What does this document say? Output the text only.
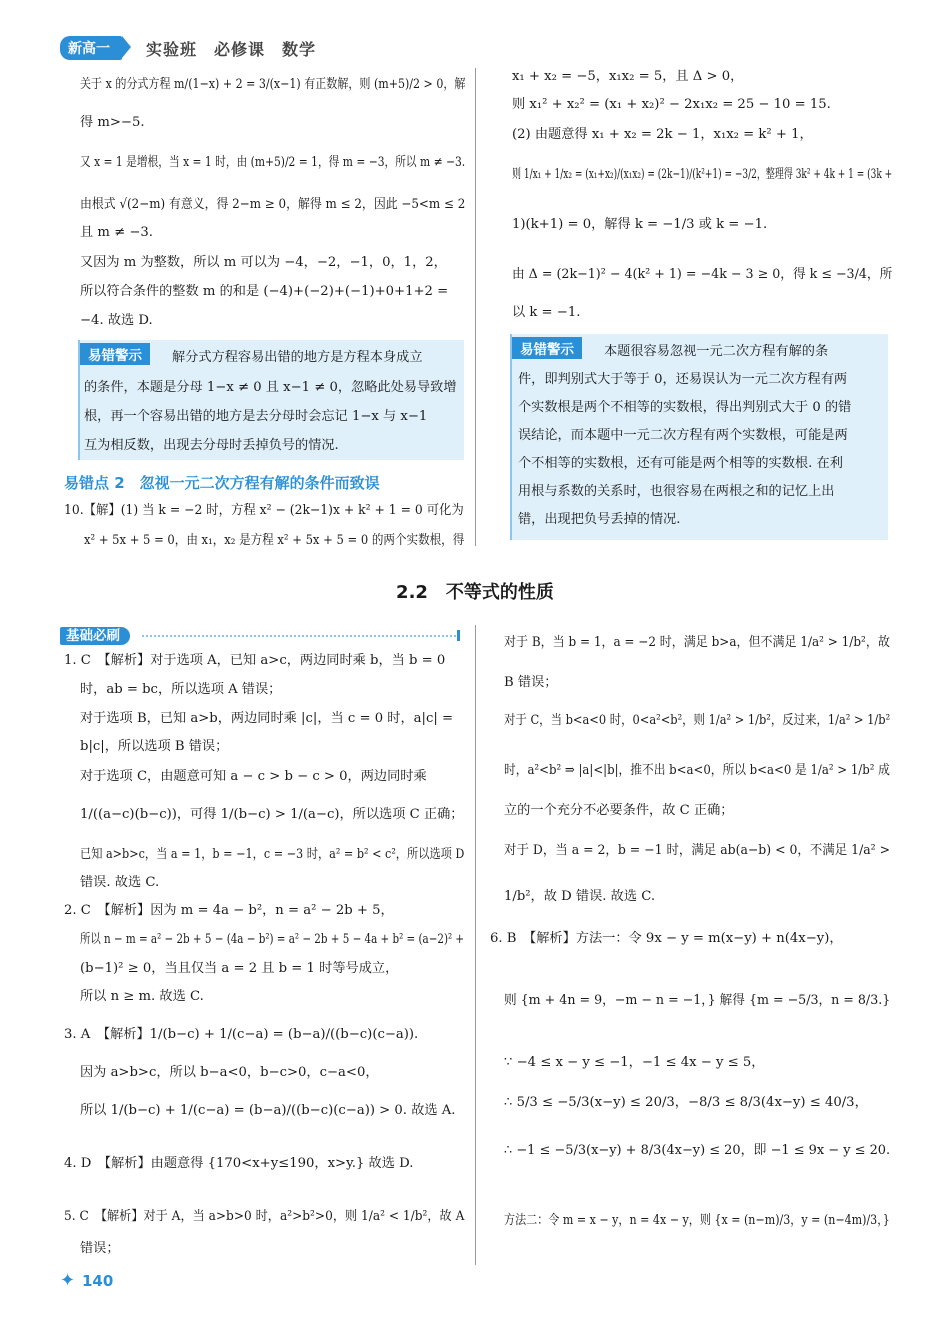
新高一	实验班　必修课　数学
关于 x 的分式方程 m/(1−x) + 2 = 3/(x−1) 有正数解，则 (m+5)/2 > 0，解
得 m>−5.
又 x = 1 是增根，当 x = 1 时，由 (m+5)/2 = 1，得 m = −3，所以 m ≠ −3.
由根式 √(2−m) 有意义，得 2−m ≥ 0，解得 m ≤ 2，因此 −5<m ≤ 2
且 m ≠ −3.
又因为 m 为整数，所以 m 可以为 −4，−2，−1，0，1，2，
所以符合条件的整数 m 的和是 (−4)+(−2)+(−1)+0+1+2 =
−4. 故选 D.
易错警示	解分式方程容易出错的地方是方程本身成立
的条件，本题是分母 1−x ≠ 0 且 x−1 ≠ 0，忽略此处易导致增
根，再一个容易出错的地方是去分母时会忘记 1−x 与 x−1
互为相反数，出现去分母时丢掉负号的情况.
易错点 2　忽视一元二次方程有解的条件而致误
10.【解】(1) 当 k = −2 时，方程 x² − (2k−1)x + k² + 1 = 0 可化为
x² + 5x + 5 = 0，由 x₁，x₂ 是方程 x² + 5x + 5 = 0 的两个实数根，得
x₁ + x₂ = −5，x₁x₂ = 5，且 Δ > 0，
则 x₁² + x₂² = (x₁ + x₂)² − 2x₁x₂ = 25 − 10 = 15.
(2) 由题意得 x₁ + x₂ = 2k − 1，x₁x₂ = k² + 1，
则 1/x₁ + 1/x₂ = (x₁+x₂)/(x₁x₂) = (2k−1)/(k²+1) = −3/2，整理得 3k² + 4k + 1 = (3k +
1)(k+1) = 0，解得 k = −1/3 或 k = −1.
由 Δ = (2k−1)² − 4(k² + 1) = −4k − 3 ≥ 0，得 k ≤ −3/4，所
以 k = −1.
易错警示	本题很容易忽视一元二次方程有解的条
件，即判别式大于等于 0，还易误认为一元二次方程有两
个实数根是两个不相等的实数根，得出判别式大于 0 的错
误结论，而本题中一元二次方程有两个实数根，可能是两
个不相等的实数根，还有可能是两个相等的实数根. 在利
用根与系数的关系时，也很容易在两根之和的记忆上出
错，出现把负号丢掉的情况.
2.2　不等式的性质
基础必刷
1. C　【解析】对于选项 A，已知 a>c，两边同时乘 b，当 b = 0
时，ab = bc，所以选项 A 错误；
对于选项 B，已知 a>b，两边同时乘 |c|，当 c = 0 时，a|c| =
b|c|，所以选项 B 错误；
对于选项 C，由题意可知 a − c > b − c > 0，两边同时乘
1/((a−c)(b−c))，可得 1/(b−c) > 1/(a−c)，所以选项 C 正确；
已知 a>b>c，当 a = 1，b = −1，c = −3 时，a² = b² < c²，所以选项 D
错误. 故选 C.
2. C　【解析】因为 m = 4a − b²，n = a² − 2b + 5，
所以 n − m = a² − 2b + 5 − (4a − b²) = a² − 2b + 5 − 4a + b² = (a−2)² +
(b−1)² ≥ 0，当且仅当 a = 2 且 b = 1 时等号成立，
所以 n ≥ m. 故选 C.
3. A　【解析】1/(b−c) + 1/(c−a) = (b−a)/((b−c)(c−a)).
因为 a>b>c，所以 b−a<0，b−c>0，c−a<0，
所以 1/(b−c) + 1/(c−a) = (b−a)/((b−c)(c−a)) > 0. 故选 A.
4. D　【解析】由题意得 {170<x+y≤190，x>y.} 故选 D.
5. C　【解析】对于 A，当 a>b>0 时，a²>b²>0，则 1/a² < 1/b²，故 A
错误；
对于 B，当 b = 1，a = −2 时，满足 b>a，但不满足 1/a² > 1/b²，故
B 错误；
对于 C，当 b<a<0 时，0<a²<b²，则 1/a² > 1/b²，反过来，1/a² > 1/b²
时，a²<b² ⇒ |a|<|b|，推不出 b<a<0，所以 b<a<0 是 1/a² > 1/b² 成
立的一个充分不必要条件，故 C 正确；
对于 D，当 a = 2，b = −1 时，满足 ab(a−b) < 0，不满足 1/a² >
1/b²，故 D 错误. 故选 C.
6. B　【解析】方法一：令 9x − y = m(x−y) + n(4x−y)，
则 {m + 4n = 9，−m − n = −1，} 解得 {m = −5/3，n = 8/3.}
∵ −4 ≤ x − y ≤ −1，−1 ≤ 4x − y ≤ 5，
∴ 5/3 ≤ −5/3(x−y) ≤ 20/3，−8/3 ≤ 8/3(4x−y) ≤ 40/3，
∴ −1 ≤ −5/3(x−y) + 8/3(4x−y) ≤ 20，即 −1 ≤ 9x − y ≤ 20.
方法二：令 m = x − y，n = 4x − y，则 {x = (n−m)/3，y = (n−4m)/3，}
✦ 140
